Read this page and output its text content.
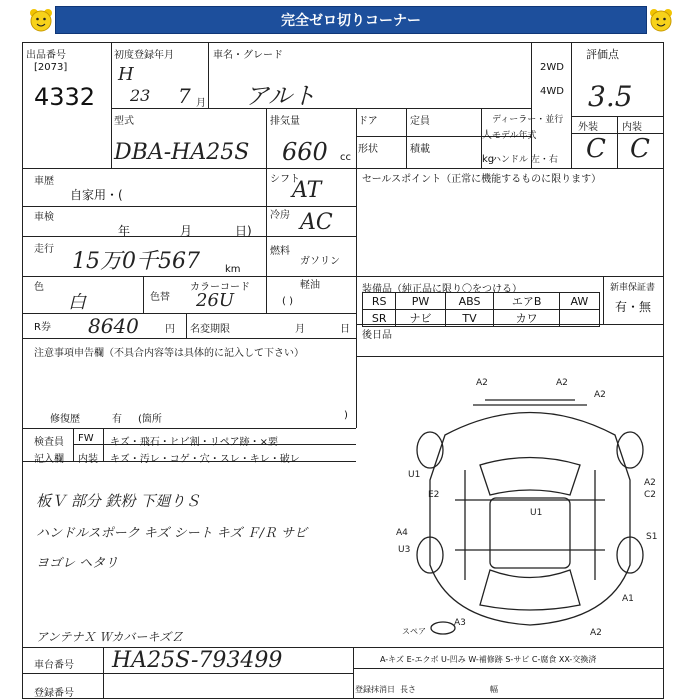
完全ゼロ切りコーナー
出品番号
[2073]
4332
初度登録年月
H
23 7 月
車名・グレード
アルト
2WD
4WD
評価点
3.5
外装 内装
C C
型式
DBA-HA25S
排気量
660 cc
ドア	定員
人
形状	積載
kg
ディーラー・並行
モデル年式
ハンドル 左・右
車歴
自家用・(
車検
年	月	日)
走行 15万0千567	km
色
白	色替
カラーコード
26U
シフト
AT
冷房 AC
燃料
ガソリン
軽油
( )
セールスポイント（正常に機能するものに限ります）
R券 8640	円 名変期限	月	日
装備品（純正品に限り〇をつける）
RS	PW	ABS	エアB	AW
SR	ナビ	TV	カワ	
新車保証書
有・無
後日品
注意事項申告欄（不具合内容等は具体的に記入して下さい）
修復歴	有 (箇所	)
検査員
記入欄
FW
内装
キズ・飛石・ヒビ割・リペア跡・×要
キズ・汚レ・コゲ・穴・スレ・キレ・破レ
板Ｖ 部分 鉄粉 下廻りＳ
ハンドルスポーク キズ シート キズ Ｆ/Ｒ サビ
ヨゴレ ヘタリ
アンテナＸ ＷカバーキズＺ
A2	A2
A2
U1
E2
U1
A2
C2
A4
U3
S1
A1
A3
A2
スペア
車台番号 HA25S-793499
登録番号
A-キズ E-エクボ U-凹み W-補修跡 S-サビ C-腐食 XX-交換済
登録抹消日 長さ	幅
